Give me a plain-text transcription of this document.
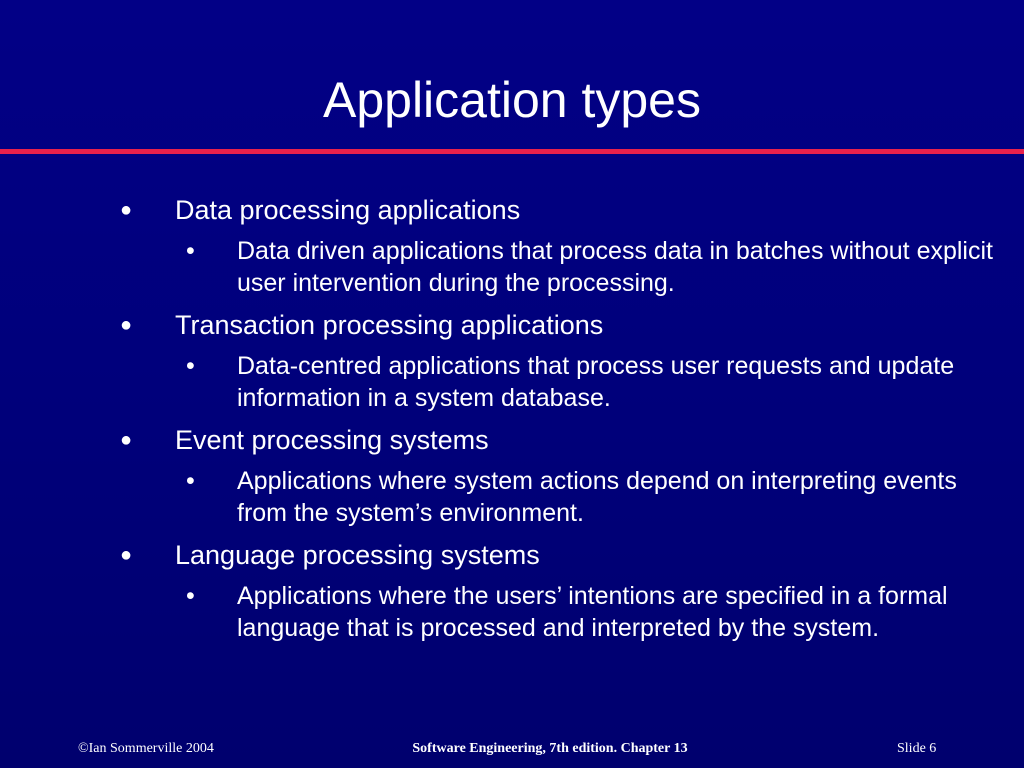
Application types
● Data processing applications
• Data driven applications that process data in batches without explicit user intervention during the processing.
● Transaction processing applications
• Data-centred applications that process user requests and update information in a system database.
● Event processing systems
• Applications where system actions depend on interpreting events from the system’s environment.
● Language processing systems
• Applications where the users’ intentions are specified in a formal language that is processed and interpreted by the system.
©Ian Sommerville 2004	Software Engineering, 7th edition. Chapter 13	Slide 6
